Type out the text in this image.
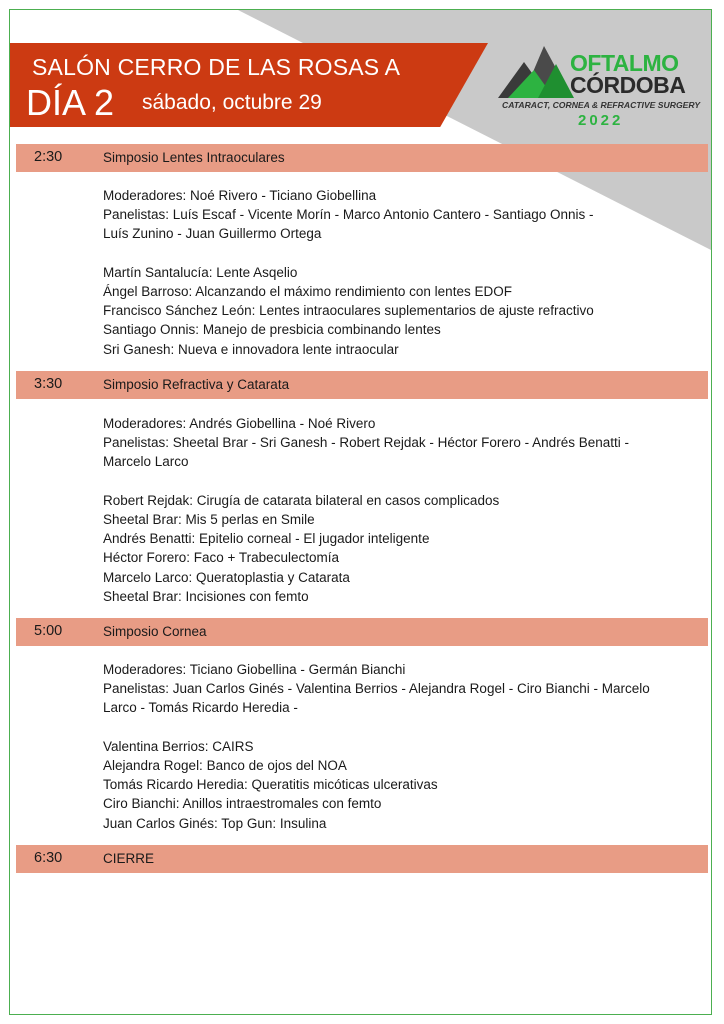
SALÓN CERRO DE LAS ROSAS A
DÍA 2 sábado, octubre 29
OFTALMO
CÓRDOBA
CATARACT, CORNEA & REFRACTIVE SURGERY
2022
2:30	Simposio Lentes Intraoculares

Moderadores: Noé Rivero - Ticiano Giobellina

Panelistas: Luís Escaf - Vicente Morín - Marco Antonio Cantero - Santiago Onnis -

Luís Zunino - Juan Guillermo Ortega

Martín Santalucía: Lente Asqelio

Ángel Barroso: Alcanzando el máximo rendimiento con lentes EDOF

Francisco Sánchez León: Lentes intraoculares suplementarios de ajuste refractivo

Santiago Onnis: Manejo de presbicia combinando lentes

Sri Ganesh: Nueva e innovadora lente intraocular

3:30	Simposio Refractiva y Catarata

Moderadores: Andrés Giobellina - Noé Rivero

Panelistas: Sheetal Brar - Sri Ganesh - Robert Rejdak - Héctor Forero - Andrés Benatti -

Marcelo Larco

Robert Rejdak: Cirugía de catarata bilateral en casos complicados

Sheetal Brar: Mis 5 perlas en Smile

Andrés Benatti: Epitelio corneal - El jugador inteligente

Héctor Forero: Faco + Trabeculectomía

Marcelo Larco: Queratoplastia y Catarata

Sheetal Brar: Incisiones con femto

5:00	Simposio Cornea

Moderadores: Ticiano Giobellina - Germán Bianchi

Panelistas: Juan Carlos Ginés - Valentina Berrios - Alejandra Rogel - Ciro Bianchi - Marcelo

Larco - Tomás Ricardo Heredia -

Valentina Berrios: CAIRS

Alejandra Rogel: Banco de ojos del NOA

Tomás Ricardo Heredia: Queratitis micóticas ulcerativas

Ciro Bianchi: Anillos intraestromales con femto

Juan Carlos Ginés: Top Gun: Insulina

6:30	CIERRE
